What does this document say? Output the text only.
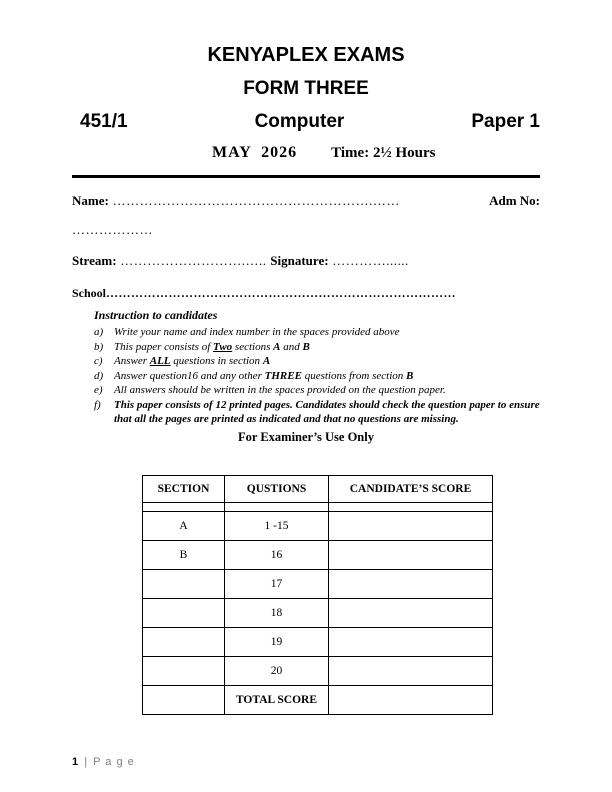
KENYAPLEX EXAMS
FORM THREE
451/1	Computer	Paper 1
MAY  2026 Time: 2½ Hours
Name: ………………………………………………….……	Adm No:
………………
Stream: ……………………….….. Signature: …………......
School…………………………………………………………………………
Instruction to candidates
a) Write your name and index number in the spaces provided above
b) This paper consists of Two sections A and B
c) Answer ALL questions in section A
d) Answer question16 and any other THREE questions from section B
e) All answers should be written in the spaces provided on the question paper.
f) This paper consists of 12 printed pages. Candidates should check the question paper to ensure that all the pages are printed as indicated and that no questions are missing.
For Examiner’s Use Only
SECTION	QUSTIONS	CANDIDATE’S SCORE

A	1 -15	
B	16	
	17	
	18	
	19	
	20	
	TOTAL SCORE	
1 | P a g e
